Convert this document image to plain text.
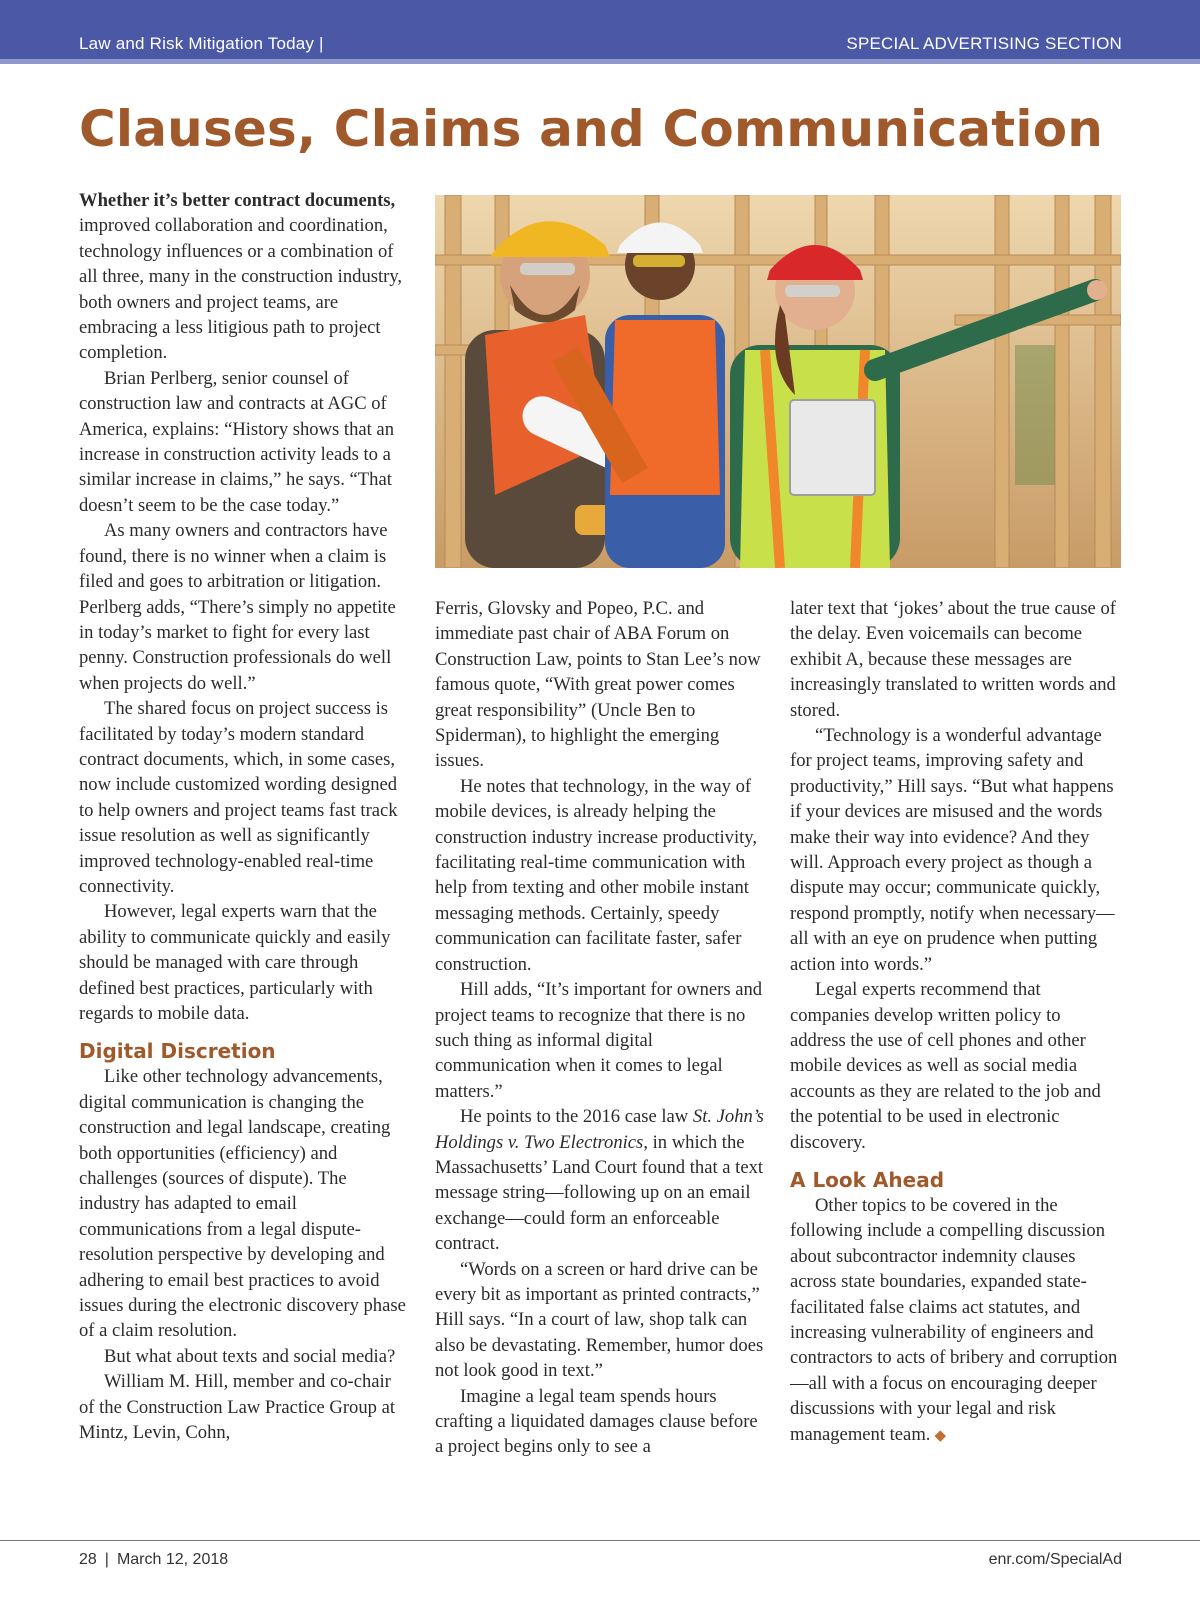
Law and Risk Mitigation Today |	SPECIAL ADVERTISING SECTION
Clauses, Claims and Communication

Whether it’s better contract documents, improved collaboration and coordination, technology influences or a combination of all three, many in the construction industry, both owners and project teams, are embracing a less litigious path to project completion.

Brian Perlberg, senior counsel of construction law and contracts at AGC of America, explains: “History shows that an increase in construction activity leads to a similar increase in claims,” he says. “That doesn’t seem to be the case today.”

As many owners and contractors have found, there is no winner when a claim is filed and goes to arbitration or litigation. Perlberg adds, “There’s simply no appetite in today’s market to fight for every last penny. Construction professionals do well when projects do well.”

The shared focus on project success is facilitated by today’s modern standard contract documents, which, in some cases, now include customized wording designed to help owners and project teams fast track issue resolution as well as significantly improved technology-enabled real-time connectivity.

However, legal experts warn that the ability to communicate quickly and easily should be managed with care through defined best practices, particularly with regards to mobile data.

Digital Discretion

Like other technology advancements, digital communication is changing the construction and legal landscape, creating both opportunities (efficiency) and challenges (sources of dispute). The industry has adapted to email communications from a legal dispute-resolution perspective by developing and adhering to email best practices to avoid issues during the electronic discovery phase of a claim resolution.

But what about texts and social media?

William M. Hill, member and co-chair of the Construction Law Practice Group at Mintz, Levin, Cohn,

Ferris, Glovsky and Popeo, P.C. and immediate past chair of ABA Forum on Construction Law, points to Stan Lee’s now famous quote, “With great power comes great responsibility” (Uncle Ben to Spiderman), to highlight the emerging issues.

He notes that technology, in the way of mobile devices, is already helping the construction industry increase productivity, facilitating real-time communication with help from texting and other mobile instant messaging methods. Certainly, speedy communication can facilitate faster, safer construction.

Hill adds, “It’s important for owners and project teams to recognize that there is no such thing as informal digital communication when it comes to legal matters.”

He points to the 2016 case law St. John’s Holdings v. Two Electronics, in which the Massachusetts’ Land Court found that a text message string—following up on an email exchange—could form an enforceable contract.

“Words on a screen or hard drive can be every bit as important as printed contracts,” Hill says. “In a court of law, shop talk can also be devastating. Remember, humor does not look good in text.”

Imagine a legal team spends hours crafting a liquidated damages clause before a project begins only to see a

later text that ‘jokes’ about the true cause of the delay. Even voicemails can become exhibit A, because these messages are increasingly translated to written words and stored.

“Technology is a wonderful advantage for project teams, improving safety and productivity,” Hill says. “But what happens if your devices are misused and the words make their way into evidence? And they will. Approach every project as though a dispute may occur; communicate quickly, respond promptly, notify when necessary—all with an eye on prudence when putting action into words.”

Legal experts recommend that companies develop written policy to address the use of cell phones and other mobile devices as well as social media accounts as they are related to the job and the potential to be used in electronic discovery.

A Look Ahead

Other topics to be covered in the following include a compelling discussion about subcontractor indemnity clauses across state boundaries, expanded state-facilitated false claims act statutes, and increasing vulnerability of engineers and contractors to acts of bribery and corruption—all with a focus on encouraging deeper discussions with your legal and risk management team. ◆

28 | March 12, 2018	enr.com/SpecialAd
